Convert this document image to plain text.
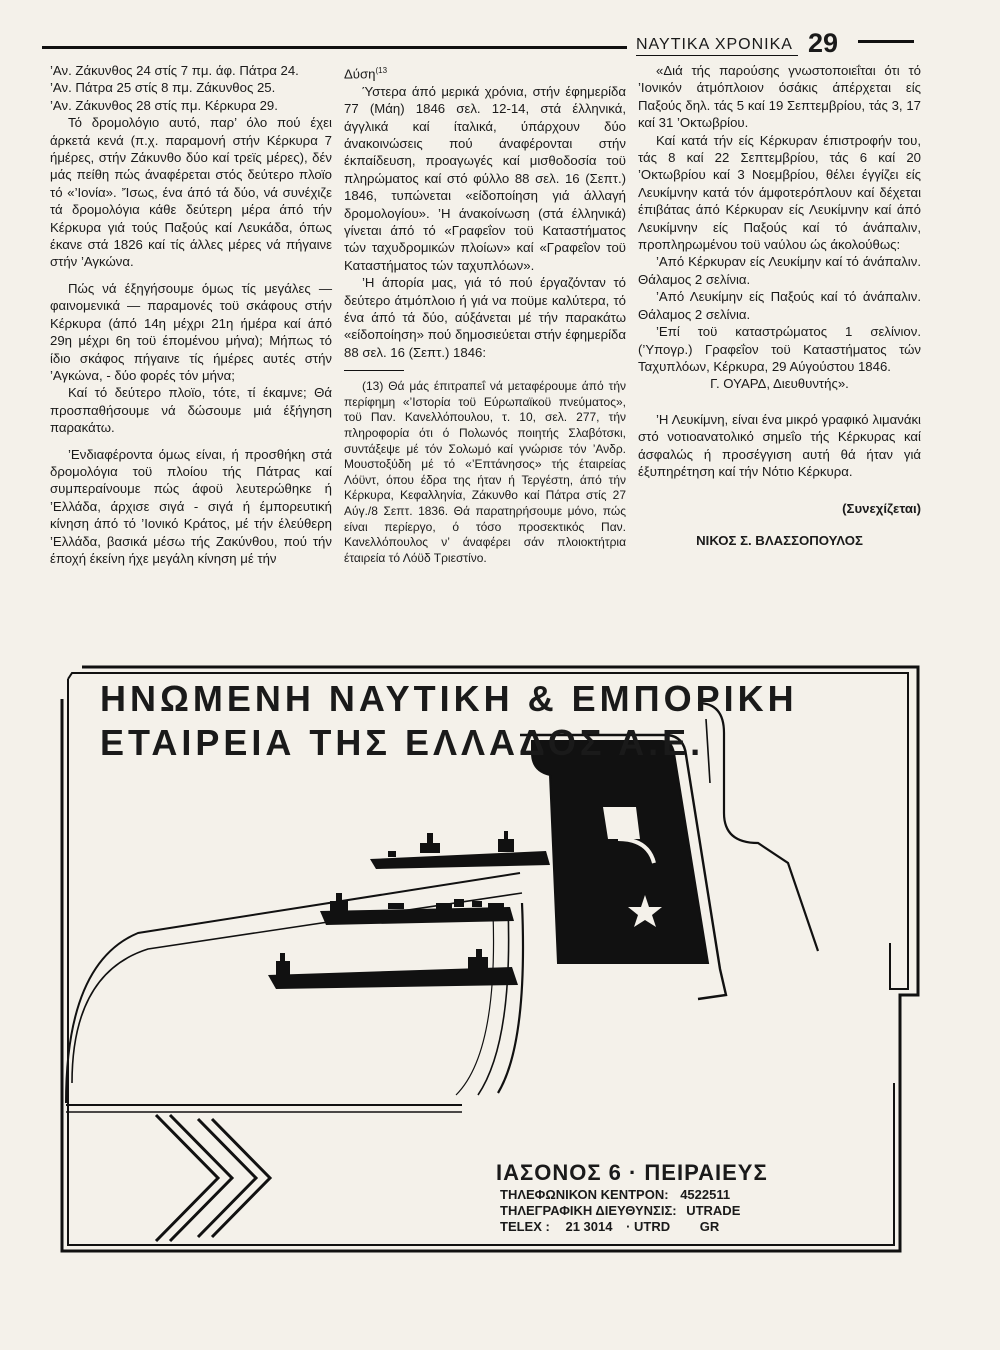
ΝΑΥΤΙΚΑ ΧΡΟΝΙΚΑ 29

’Αν. Ζάκυνθος 24 στίς 7 πμ. άφ. Πάτρα 24.

’Αν. Πάτρα 25 στίς 8 πμ. Ζάκυνθος 25.

’Αν. Ζάκυνθος 28 στίς πμ. Κέρκυρα 29.

Τό δρομολόγιο αυτό, παρ’ όλο πού έχει άρκετά κενά (π.χ. παραμονή στήν Κέρκυρα 7 ήμέρες, στήν Ζάκυνθο δύο καί τρεϊς μέρες), δέν μάς πείθη πώς άναφέρεται στός δεύτερο πλοϊο τό «’Ιονία». ’Ίσως, ένα άπό τά δύο, νά συνέχιζε τά δρομολόγια κάθε δεύτερη μέρα άπό τήν Κέρκυρα γιά τούς Παξούς καί Λευκάδα, όπως έκανε στά 1826 καί τίς άλλες μέρες νά πήγαινε στήν ’Αγκώνα.

Πώς νά έξηγήσουμε όμως τίς μεγάλες — φαινομενικά — παραμονές τοϋ σκάφους στήν Κέρκυρα (άπό 14η μέχρι 21η ήμέρα καί άπό 29η μέχρι 6η τοϋ έπομένου μήνα); Μήπως τό ίδιο σκάφος πήγαινε τίς ήμέρες αυτές στήν ’Αγκώνα, - δύο φορές τόν μήνα;

Καί τό δεύτερο πλοϊο, τότε, τί έκαμνε; Θά προσπαθήσουμε νά δώσουμε μιά έξήγηση παρακάτω.

’Ενδιαφέροντα όμως είναι, ή προσθήκη στά δρομολόγια τοϋ πλοίου τής Πάτρας καί συμπεραίνουμε πώς άφοϋ λευτερώθηκε ή ’Ελλάδα, άρχισε σιγά - σιγά ή έμπορευτική κίνηση άπό τό ’Ιονικό Κράτος, μέ τήν έλεύθερη ’Ελλάδα, βασικά μέσω τής Ζακύνθου, πού τήν έποχή έκείνη ήχε μεγάλη κίνηση μέ τήν

Δύση$^{(13}$

Ύστερα άπό μερικά χρόνια, στήν έφημερίδα 77 (Μάη) 1846 σελ. 12-14, στά έλληνικά, άγγλικά καί ίταλικά, ύπάρχουν δύο άνακοινώσεις πού άναφέρονται στήν έκπαίδευση, προαγωγές καί μισθοδοσία τοϋ πληρώματος καί στό φύλλο 88 σελ. 16 (Σεπτ.) 1846, τυπώνεται «είδοποίηση γιά άλλαγή δρομολογίου». ’Η άνακοίνωση (στά έλληνικά) γίνεται άπό τό «Γραφεΐον τοϋ Καταστήματος τών ταχυδρομικών πλοίων» καί «Γραφεΐον τοϋ Καταστήματος τών ταχυπλόων».

’Η άπορία μας, γιά τό πού έργαζόνταν τό δεύτερο άτμόπλοιο ή γιά να ποϋμε καλύτερα, τό ένα άπό τά δύο, αύξάνεται μέ τήν παρακάτω «είδοποίηση» πού δημοσιεύεται στήν έφημερίδα 88 σελ. 16 (Σεπτ.) 1846:

(13) Θά μάς έπιτραπεΐ νά μεταφέρουμε άπό τήν περίφημη «’Ιστορία τοϋ Εύρωπαϊκοϋ πνεύματος», τοϋ Παν. Κανελλόπουλου, τ. 10, σελ. 277, τήν πληροφορία ότι ό Πολωνός ποιητής Σλαβότσκι, συντάξεψε μέ τόν Σολωμό καί γνώρισε τόν ’Ανδρ. Μουστοξύδη μέ τό «’Επτάνησος» τής έταιρείας Λόϋντ, όπου έδρα της ήταν ή Τεργέστη, άπό τήν Κέρκυρα, Κεφαλληνία, Ζάκυνθο καί Πάτρα στίς 27 Αύγ./8 Σεπτ. 1836. Θά παρατηρήσουμε μόνο, πώς είναι περίεργο, ό τόσο προσεκτικός Παν. Κανελλόπουλος ν’ άναφέρει σάν πλοιοκτήτρια έταιρεία τό Λόϋδ Τριεστίνο.

«Διά τής παρούσης γνωστοποιεΐται ότι τό ’Ιονικόν άτμόπλοιον όσάκις άπέρχεται είς Παξούς δηλ. τάς 5 καί 19 Σεπτεμβρίου, τάς 3, 17 καί 31 ’Οκτωβρίου.

Καί κατά τήν είς Κέρκυραν έπιστροφήν του, τάς 8 καί 22 Σεπτεμβρίου, τάς 6 καί 20 ’Οκτωβρίου καί 3 Νοεμβρίου, θέλει έγγίζει είς Λευκίμνην κατά τόν άμφοτερόπλουν καί δέχεται έπιβάτας άπό Κέρκυραν είς Λευκίμνην καί άπό Λευκίμνην είς Παξούς καί τό άνάπαλιν, προπληρωμένου τοϋ ναύλου ώς άκολούθως:

’Από Κέρκυραν είς Λευκίμην καί τό άνάπαλιν. Θάλαμος 2 σελίνια.

’Από Λευκίμην είς Παξούς καί τό άνάπαλιν. Θάλαμος 2 σελίνια.

’Επί τοϋ καταστρώματος 1 σελίνιον. (’Υπογρ.) Γραφεΐον τοϋ Καταστήματος τών Ταχυπλόων, Κέρκυρα, 29 Αύγούστου 1846.

Γ. ΟΥΑΡΔ, Διευθυντής».

’Η Λευκίμνη, είναι ένα μικρό γραφικό λιμανάκι στό νοτιοανατολικό σημεΐο τής Κέρκυρας καί άσφαλώς ή προσέγγιση αυτή θά ήταν γιά έξυπηρέτηση καί τήν Νότιο Κέρκυρα.

(Συνεχίζεται)

ΝΙΚΟΣ Σ. ΒΛΑΣΣΟΠΟΥΛΟΣ

ΗΝΩΜΕΝΗ ΝΑΥΤΙΚΗ & ΕΜΠΟΡΙΚΗ
ΕΤΑΙΡΕΙΑ ΤΗΣ ΕΛΛΑΔΟΣ Α.Ε.
ΙΑΣΟΝΟΣ 6 · ΠΕΙΡΑΙΕΥΣ
ΤΗΛΕΦΩΝΙΚΟΝ ΚΕΝΤΡΟΝ: 4522511
ΤΗΛΕΓΡΑΦΙΚΗ ΔΙΕΥΘΥΝΣΙΣ: UTRADE
TELEX : 21 3014 · UTRD GR
